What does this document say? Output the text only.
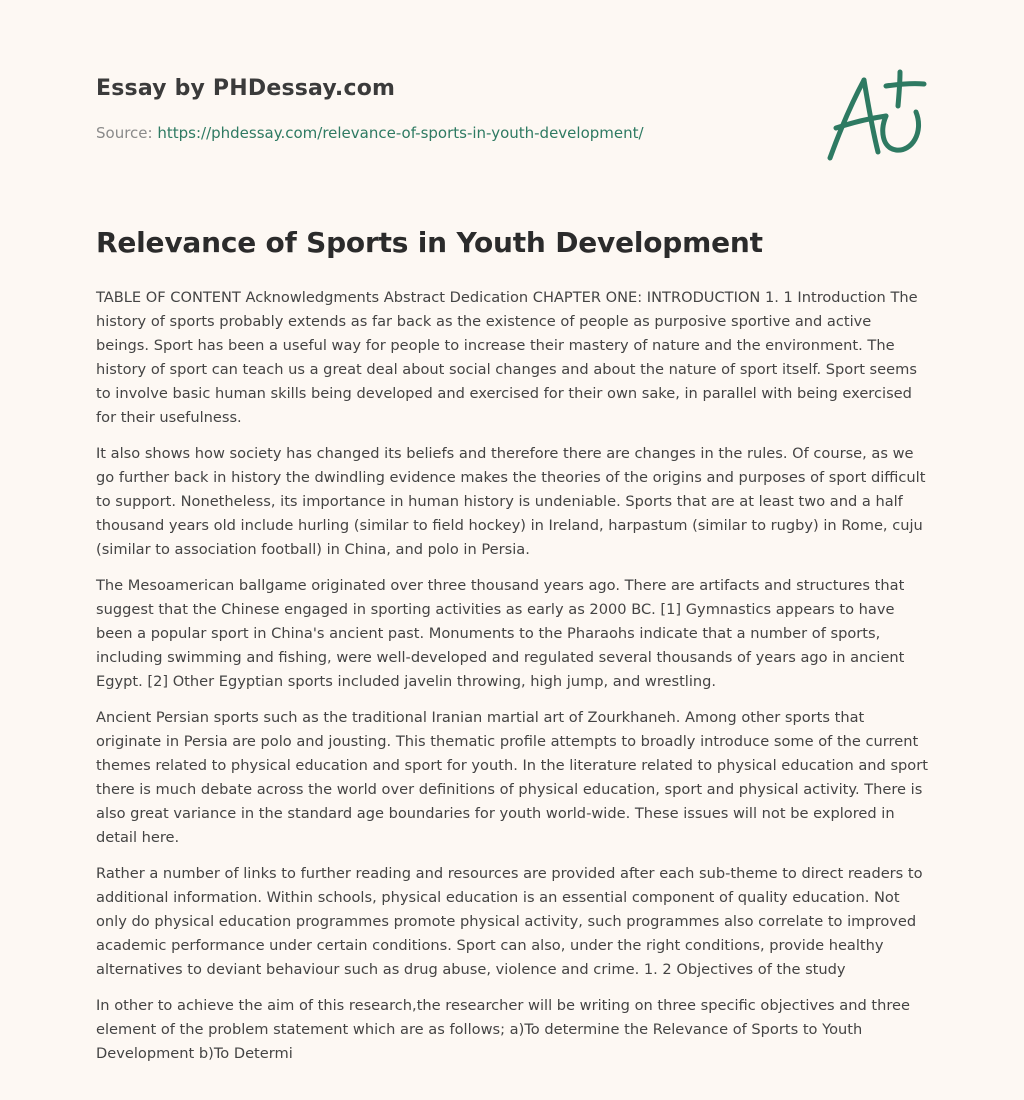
Essay by PHDessay.com
Source: https://phdessay.com/relevance-of-sports-in-youth-development/
Relevance of Sports in Youth Development

TABLE OF CONTENT Acknowledgments Abstract Dedication CHAPTER ONE: INTRODUCTION 1. 1 Introduction The history of sports probably extends as far back as the existence of people as purposive sportive and active beings. Sport has been a useful way for people to increase their mastery of nature and the environment. The history of sport can teach us a great deal about social changes and about the nature of sport itself. Sport seems to involve basic human skills being developed and exercised for their own sake, in parallel with being exercised for their usefulness.

It also shows how society has changed its beliefs and therefore there are changes in the rules. Of course, as we go further back in history the dwindling evidence makes the theories of the origins and purposes of sport difficult to support. Nonetheless, its importance in human history is undeniable. Sports that are at least two and a half thousand years old include hurling (similar to field hockey) in Ireland, harpastum (similar to rugby) in Rome, cuju (similar to association football) in China, and polo in Persia.

The Mesoamerican ballgame originated over three thousand years ago. There are artifacts and structures that suggest that the Chinese engaged in sporting activities as early as 2000 BC. [1] Gymnastics appears to have been a popular sport in China's ancient past. Monuments to the Pharaohs indicate that a number of sports, including swimming and fishing, were well-developed and regulated several thousands of years ago in ancient Egypt. [2] Other Egyptian sports included javelin throwing, high jump, and wrestling.

Ancient Persian sports such as the traditional Iranian martial art of Zourkhaneh. Among other sports that originate in Persia are polo and jousting. This thematic profile attempts to broadly introduce some of the current themes related to physical education and sport for youth. In the literature related to physical education and sport there is much debate across the world over definitions of physical education, sport and physical activity. There is also great variance in the standard age boundaries for youth world-wide. These issues will not be explored in detail here.

Rather a number of links to further reading and resources are provided after each sub-theme to direct readers to additional information. Within schools, physical education is an essential component of quality education. Not only do physical education programmes promote physical activity, such programmes also correlate to improved academic performance under certain conditions. Sport can also, under the right conditions, provide healthy alternatives to deviant behaviour such as drug abuse, violence and crime. 1. 2 Objectives of the study

In other to achieve the aim of this research,the researcher will be writing on three specific objectives and three element of the problem statement which are as follows; a)To determine the Relevance of Sports to Youth Development b)To Determi
